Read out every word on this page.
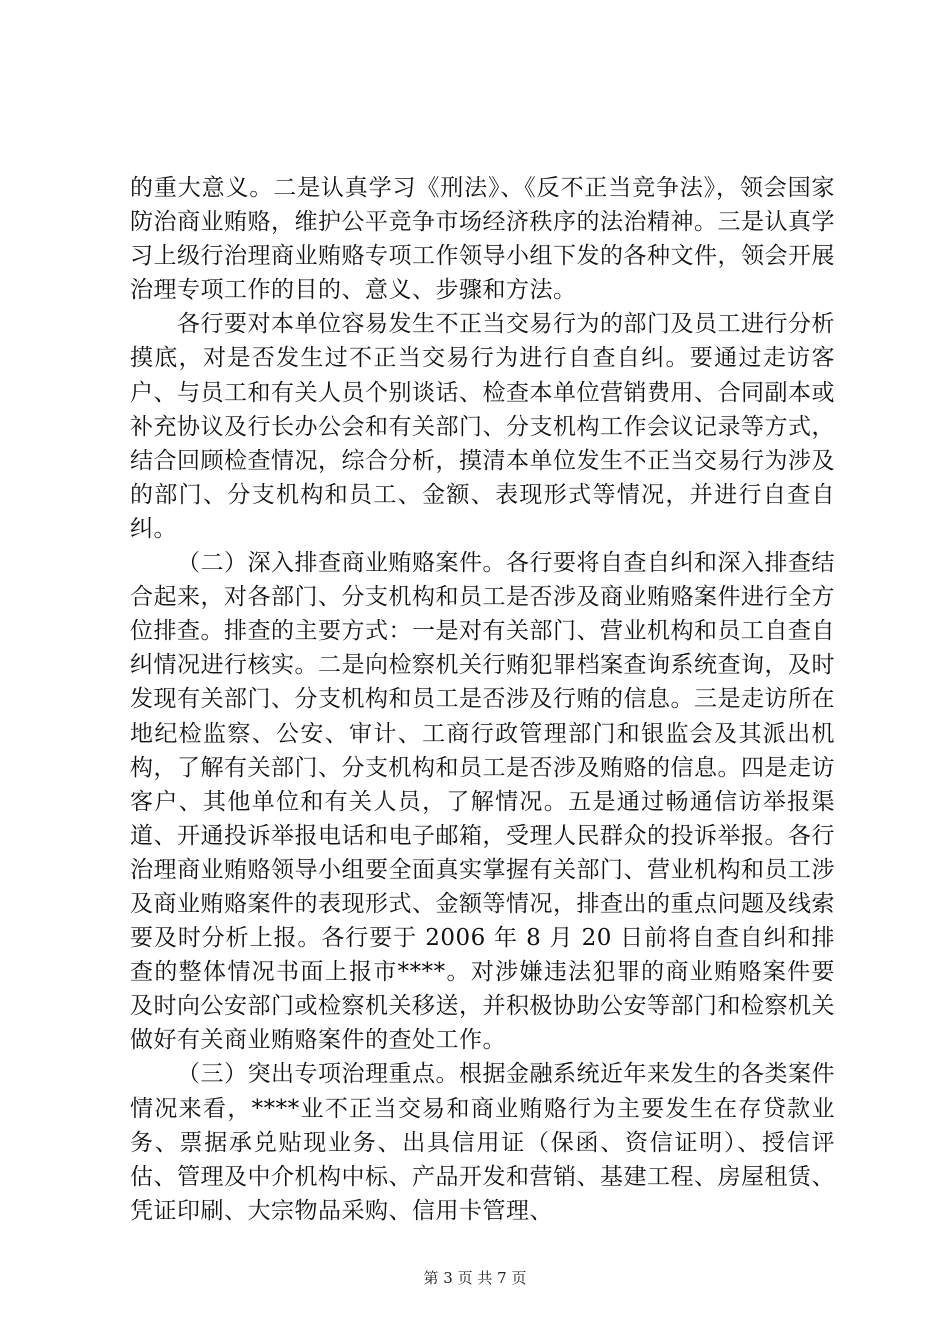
的重大意义。二是认真学习《刑法》、《反不正当竞争法》，领会国家防治商业贿赂，维护公平竞争市场经济秩序的法治精神。三是认真学习上级行治理商业贿赂专项工作领导小组下发的各种文件，领会开展治理专项工作的目的、意义、步骤和方法。

各行要对本单位容易发生不正当交易行为的部门及员工进行分析摸底，对是否发生过不正当交易行为进行自查自纠。要通过走访客户、与员工和有关人员个别谈话、检查本单位营销费用、合同副本或补充协议及行长办公会和有关部门、分支机构工作会议记录等方式，结合回顾检查情况，综合分析，摸清本单位发生不正当交易行为涉及的部门、分支机构和员工、金额、表现形式等情况，并进行自查自纠。

（二）深入排查商业贿赂案件。各行要将自查自纠和深入排查结合起来，对各部门、分支机构和员工是否涉及商业贿赂案件进行全方位排查。排查的主要方式：一是对有关部门、营业机构和员工自查自纠情况进行核实。二是向检察机关行贿犯罪档案查询系统查询，及时发现有关部门、分支机构和员工是否涉及行贿的信息。三是走访所在地纪检监察、公安、审计、工商行政管理部门和银监会及其派出机构，了解有关部门、分支机构和员工是否涉及贿赂的信息。四是走访客户、其他单位和有关人员，了解情况。五是通过畅通信访举报渠道、开通投诉举报电话和电子邮箱，受理人民群众的投诉举报。各行治理商业贿赂领导小组要全面真实掌握有关部门、营业机构和员工涉及商业贿赂案件的表现形式、金额等情况，排查出的重点问题及线索要及时分析上报。各行要于 2006 年 8 月 20 日前将自查自纠和排查的整体情况书面上报市****。对涉嫌违法犯罪的商业贿赂案件要及时向公安部门或检察机关移送，并积极协助公安等部门和检察机关做好有关商业贿赂案件的查处工作。

（三）突出专项治理重点。根据金融系统近年来发生的各类案件情况来看，****业不正当交易和商业贿赂行为主要发生在存贷款业务、票据承兑贴现业务、出具信用证（保函、资信证明）、授信评估、管理及中介机构中标、产品开发和营销、基建工程、房屋租赁、凭证印刷、大宗物品采购、信用卡管理、

第 3 页 共 7 页
